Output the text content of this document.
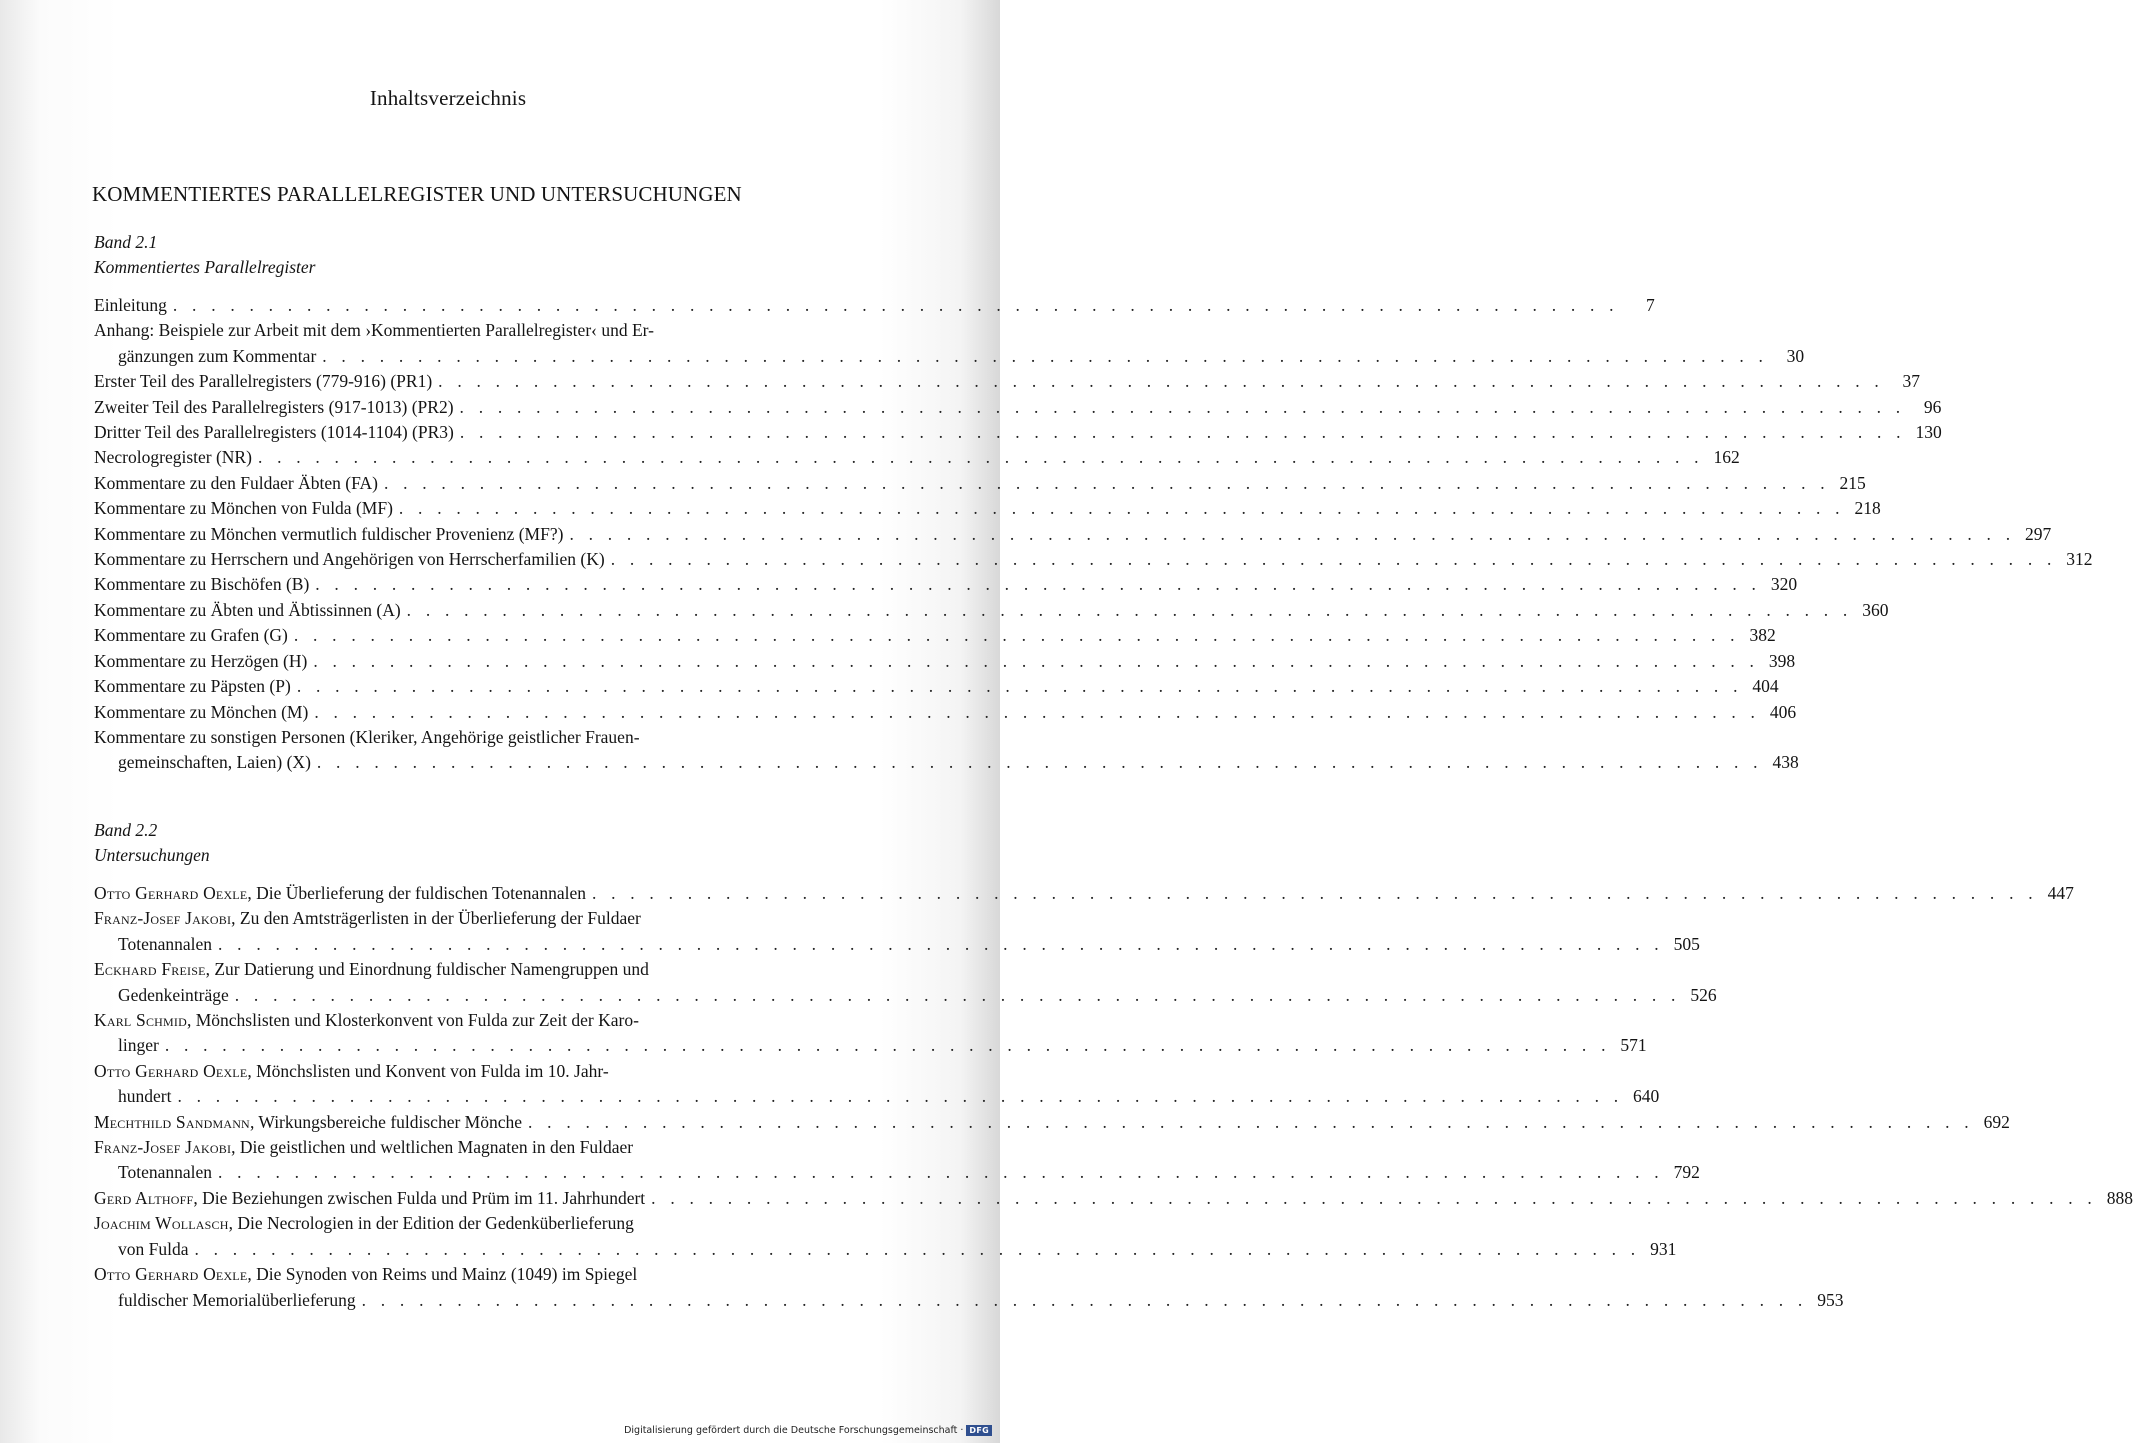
Inhaltsverzeichnis
KOMMENTIERTES PARALLELREGISTER UND UNTERSUCHUNGEN
Band 2.1
Kommentiertes Parallelregister
Einleitung . . . . . . . . . . . . . . . . . . . . . . . . . . . . . . . . . . . . . . . . . . . . . . . . . . . . . . . . . . . . . . . . . . . . . . . . . . . .	7
Anhang: Beispiele zur Arbeit mit dem ›Kommentierten Parallelregister‹ und Er-
gänzungen zum Kommentar . . . . . . . . . . . . . . . . . . . . . . . . . . . . . . . . . . . . . . . . . . . . . . . . . . . . . . . . . . . . . . . . . . . . . . . . . . . .	30
Erster Teil des Parallelregisters (779-916) (PR1) . . . . . . . . . . . . . . . . . . . . . . . . . . . . . . . . . . . . . . . . . . . . . . . . . . . . . . . . . . . . . . . . . . . . . . . . . . . .	37
Zweiter Teil des Parallelregisters (917-1013) (PR2) . . . . . . . . . . . . . . . . . . . . . . . . . . . . . . . . . . . . . . . . . . . . . . . . . . . . . . . . . . . . . . . . . . . . . . . . . . . .	96
Dritter Teil des Parallelregisters (1014-1104) (PR3) . . . . . . . . . . . . . . . . . . . . . . . . . . . . . . . . . . . . . . . . . . . . . . . . . . . . . . . . . . . . . . . . . . . . . . . . . . . . 130
Necrologregister (NR) . . . . . . . . . . . . . . . . . . . . . . . . . . . . . . . . . . . . . . . . . . . . . . . . . . . . . . . . . . . . . . . . . . . . . . . . . . . . 162
Kommentare zu den Fuldaer Äbten (FA) . . . . . . . . . . . . . . . . . . . . . . . . . . . . . . . . . . . . . . . . . . . . . . . . . . . . . . . . . . . . . . . . . . . . . . . . . . . . 215
Kommentare zu Mönchen von Fulda (MF) . . . . . . . . . . . . . . . . . . . . . . . . . . . . . . . . . . . . . . . . . . . . . . . . . . . . . . . . . . . . . . . . . . . . . . . . . . . . 218
Kommentare zu Mönchen vermutlich fuldischer Provenienz (MF?) . . . . . . . . . . . . . . . . . . . . . . . . . . . . . . . . . . . . . . . . . . . . . . . . . . . . . . . . . . . . . . . . . . . . . . . . . . . . 297
Kommentare zu Herrschern und Angehörigen von Herrscherfamilien (K) . . . . . . . . . . . . . . . . . . . . . . . . . . . . . . . . . . . . . . . . . . . . . . . . . . . . . . . . . . . . . . . . . . . . . . . . . . . . 312
Kommentare zu Bischöfen (B) . . . . . . . . . . . . . . . . . . . . . . . . . . . . . . . . . . . . . . . . . . . . . . . . . . . . . . . . . . . . . . . . . . . . . . . . . . . . 320
Kommentare zu Äbten und Äbtissinnen (A) . . . . . . . . . . . . . . . . . . . . . . . . . . . . . . . . . . . . . . . . . . . . . . . . . . . . . . . . . . . . . . . . . . . . . . . . . . . . 360
Kommentare zu Grafen (G) . . . . . . . . . . . . . . . . . . . . . . . . . . . . . . . . . . . . . . . . . . . . . . . . . . . . . . . . . . . . . . . . . . . . . . . . . . . . 382
Kommentare zu Herzögen (H) . . . . . . . . . . . . . . . . . . . . . . . . . . . . . . . . . . . . . . . . . . . . . . . . . . . . . . . . . . . . . . . . . . . . . . . . . . . . 398
Kommentare zu Päpsten (P) . . . . . . . . . . . . . . . . . . . . . . . . . . . . . . . . . . . . . . . . . . . . . . . . . . . . . . . . . . . . . . . . . . . . . . . . . . . . 404
Kommentare zu Mönchen (M) . . . . . . . . . . . . . . . . . . . . . . . . . . . . . . . . . . . . . . . . . . . . . . . . . . . . . . . . . . . . . . . . . . . . . . . . . . . . 406
Kommentare zu sonstigen Personen (Kleriker, Angehörige geistlicher Frauen-
gemeinschaften, Laien) (X) . . . . . . . . . . . . . . . . . . . . . . . . . . . . . . . . . . . . . . . . . . . . . . . . . . . . . . . . . . . . . . . . . . . . . . . . . . . . 438
Band 2.2
Untersuchungen
Otto Gerhard Oexle, Die Überlieferung der fuldischen Totenannalen . . . . . . . . . . . . . . . . . . . . . . . . . . . . . . . . . . . . . . . . . . . . . . . . . . . . . . . . . . . . . . . . . . . . . . . . . . . . 447
Franz-Josef Jakobi, Zu den Amtsträgerlisten in der Überlieferung der Fuldaer
Totenannalen . . . . . . . . . . . . . . . . . . . . . . . . . . . . . . . . . . . . . . . . . . . . . . . . . . . . . . . . . . . . . . . . . . . . . . . . . . . . 505
Eckhard Freise, Zur Datierung und Einordnung fuldischer Namengruppen und
Gedenkeinträge . . . . . . . . . . . . . . . . . . . . . . . . . . . . . . . . . . . . . . . . . . . . . . . . . . . . . . . . . . . . . . . . . . . . . . . . . . . . 526
Karl Schmid, Mönchslisten und Klosterkonvent von Fulda zur Zeit der Karo-
linger . . . . . . . . . . . . . . . . . . . . . . . . . . . . . . . . . . . . . . . . . . . . . . . . . . . . . . . . . . . . . . . . . . . . . . . . . . . . 571
Otto Gerhard Oexle, Mönchslisten und Konvent von Fulda im 10. Jahr-
hundert . . . . . . . . . . . . . . . . . . . . . . . . . . . . . . . . . . . . . . . . . . . . . . . . . . . . . . . . . . . . . . . . . . . . . . . . . . . . 640
Mechthild Sandmann, Wirkungsbereiche fuldischer Mönche . . . . . . . . . . . . . . . . . . . . . . . . . . . . . . . . . . . . . . . . . . . . . . . . . . . . . . . . . . . . . . . . . . . . . . . . . . . . 692
Franz-Josef Jakobi, Die geistlichen und weltlichen Magnaten in den Fuldaer
Totenannalen . . . . . . . . . . . . . . . . . . . . . . . . . . . . . . . . . . . . . . . . . . . . . . . . . . . . . . . . . . . . . . . . . . . . . . . . . . . . 792
Gerd Althoff, Die Beziehungen zwischen Fulda und Prüm im 11. Jahrhundert . . . . . . . . . . . . . . . . . . . . . . . . . . . . . . . . . . . . . . . . . . . . . . . . . . . . . . . . . . . . . . . . . . . . . . . . . . . . 888
Joachim Wollasch, Die Necrologien in der Edition der Gedenküberlieferung
von Fulda . . . . . . . . . . . . . . . . . . . . . . . . . . . . . . . . . . . . . . . . . . . . . . . . . . . . . . . . . . . . . . . . . . . . . . . . . . . . 931
Otto Gerhard Oexle, Die Synoden von Reims und Mainz (1049) im Spiegel
fuldischer Memorialüberlieferung . . . . . . . . . . . . . . . . . . . . . . . . . . . . . . . . . . . . . . . . . . . . . . . . . . . . . . . . . . . . . . . . . . . . . . . . . . . . 953
Digitalisierung gefördert durch die Deutsche Forschungsgemeinschaft · DFG
